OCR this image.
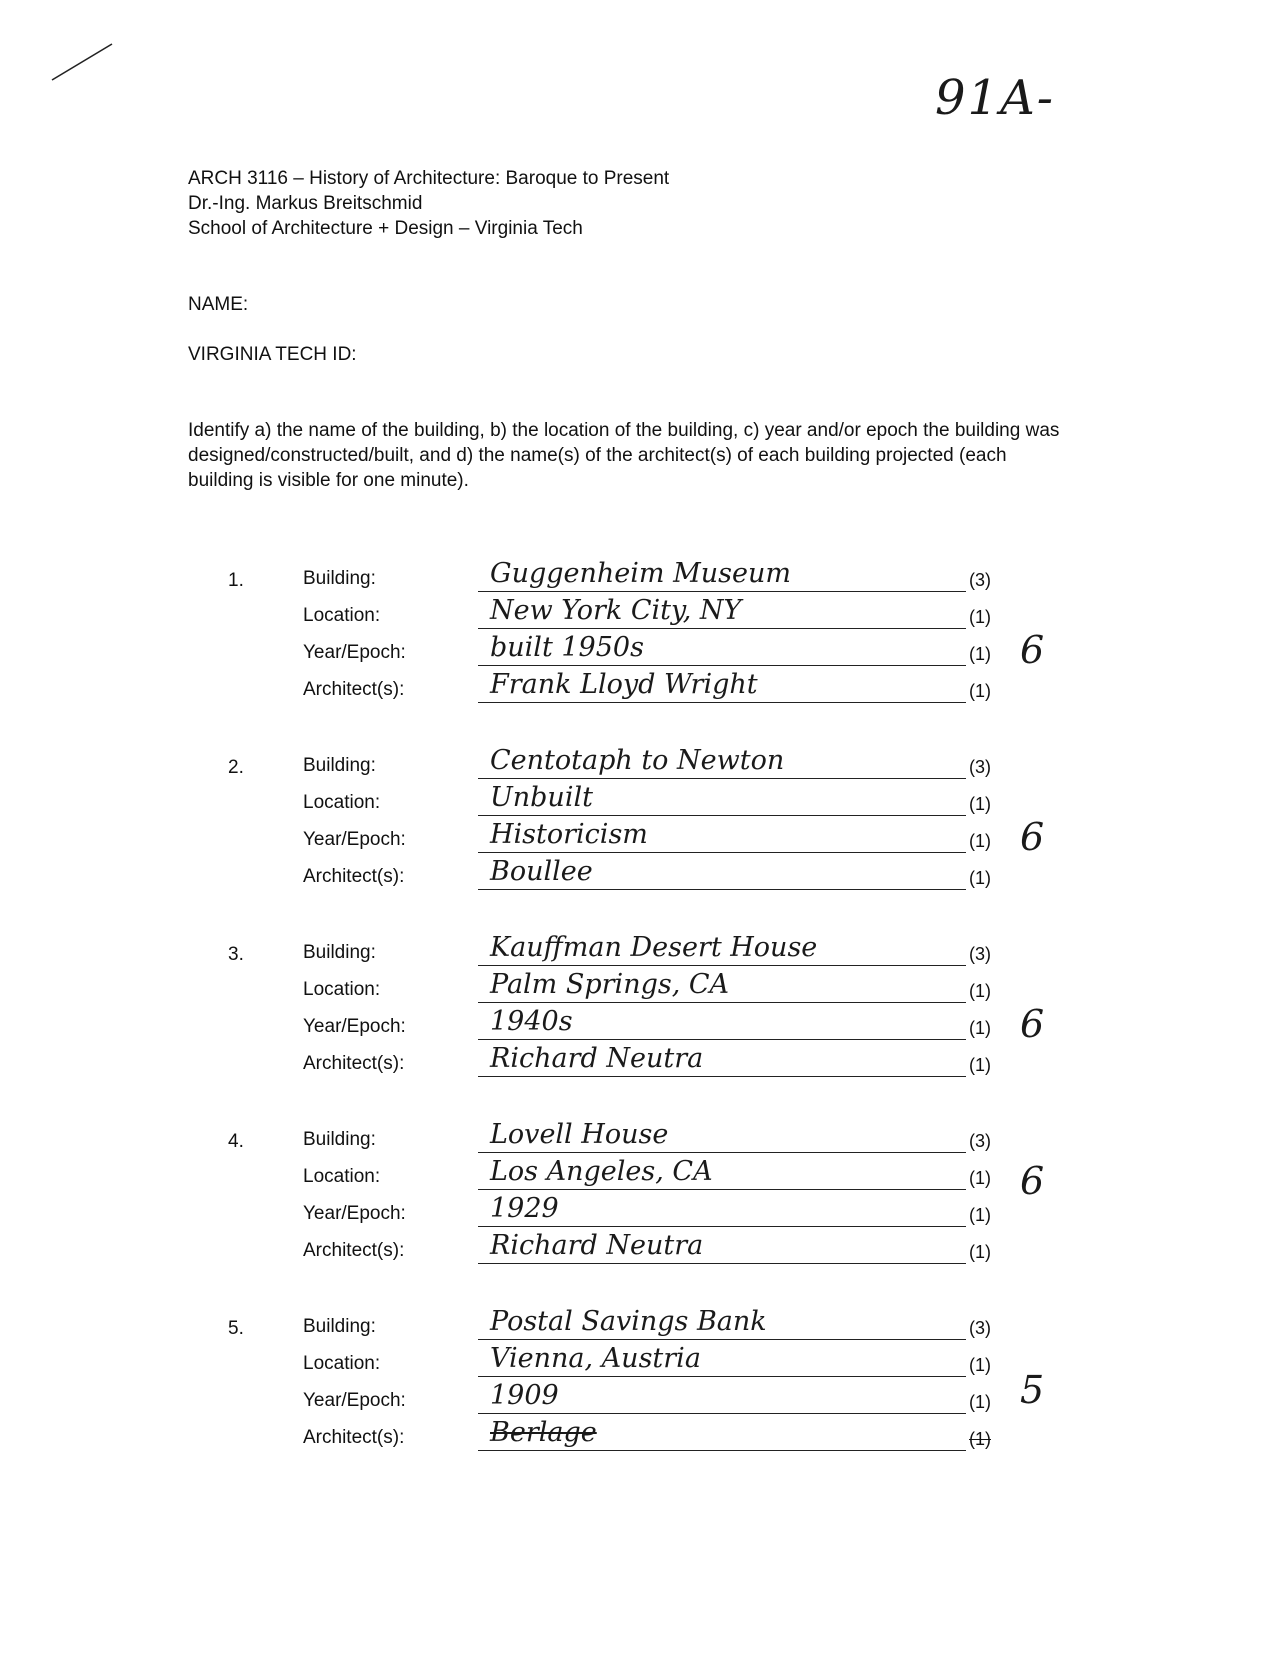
91A-
ARCH 3116 – History of Architecture: Baroque to Present
Dr.-Ing. Markus Breitschmid
School of Architecture + Design – Virginia Tech
NAME:
VIRGINIA TECH ID:
Identify a) the name of the building, b) the location of the building, c) year and/or epoch the building was designed/constructed/built, and d) the name(s) of the architect(s) of each building projected (each building is visible for one minute).
1.	Building:	Guggenheim Museum	(3)
Location:	New York City, NY	(1)
Year/Epoch:	built 1950s	(1)
Architect(s):	Frank Lloyd Wright	(1)
6
2.	Building:	Centotaph to Newton	(3)
Location:	Unbuilt	(1)
Year/Epoch:	Historicism	(1)
Architect(s):	Boullee	(1)
6
3.	Building:	Kauffman Desert House	(3)
Location:	Palm Springs, CA	(1)
Year/Epoch:	1940s	(1)
Architect(s):	Richard Neutra	(1)
6
4.	Building:	Lovell House	(3)
Location:	Los Angeles, CA	(1)
Year/Epoch:	1929	(1)
Architect(s):	Richard Neutra	(1)
6
5.	Building:	Postal Savings Bank	(3)
Location:	Vienna, Austria	(1)
Year/Epoch:	1909	(1)
Architect(s):	Berlage	(1)
5
